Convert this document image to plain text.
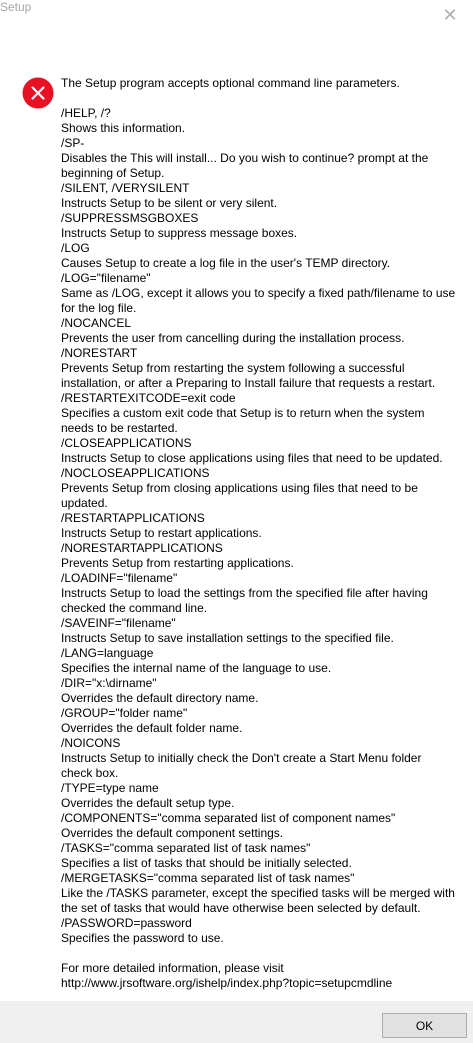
Setup	✕
The Setup program accepts optional command line parameters.

/HELP, /?
Shows this information.
/SP-
Disables the This will install... Do you wish to continue? prompt at the beginning of Setup.
/SILENT, /VERYSILENT
Instructs Setup to be silent or very silent.
/SUPPRESSMSGBOXES
Instructs Setup to suppress message boxes.
/LOG
Causes Setup to create a log file in the user's TEMP directory.
/LOG="filename"
Same as /LOG, except it allows you to specify a fixed path/filename to use for the log file.
/NOCANCEL
Prevents the user from cancelling during the installation process.
/NORESTART
Prevents Setup from restarting the system following a successful installation, or after a Preparing to Install failure that requests a restart.
/RESTARTEXITCODE=exit code
Specifies a custom exit code that Setup is to return when the system needs to be restarted.
/CLOSEAPPLICATIONS
Instructs Setup to close applications using files that need to be updated.
/NOCLOSEAPPLICATIONS
Prevents Setup from closing applications using files that need to be updated.
/RESTARTAPPLICATIONS
Instructs Setup to restart applications.
/NORESTARTAPPLICATIONS
Prevents Setup from restarting applications.
/LOADINF="filename"
Instructs Setup to load the settings from the specified file after having checked the command line.
/SAVEINF="filename"
Instructs Setup to save installation settings to the specified file.
/LANG=language
Specifies the internal name of the language to use.
/DIR="x:\dirname"
Overrides the default directory name.
/GROUP="folder name"
Overrides the default folder name.
/NOICONS
Instructs Setup to initially check the Don't create a Start Menu folder check box.
/TYPE=type name
Overrides the default setup type.
/COMPONENTS="comma separated list of component names"
Overrides the default component settings.
/TASKS="comma separated list of task names"
Specifies a list of tasks that should be initially selected.
/MERGETASKS="comma separated list of task names"
Like the /TASKS parameter, except the specified tasks will be merged with the set of tasks that would have otherwise been selected by default.
/PASSWORD=password
Specifies the password to use.

For more detailed information, please visit
http://www.jrsoftware.org/ishelp/index.php?topic=setupcmdline
OK
